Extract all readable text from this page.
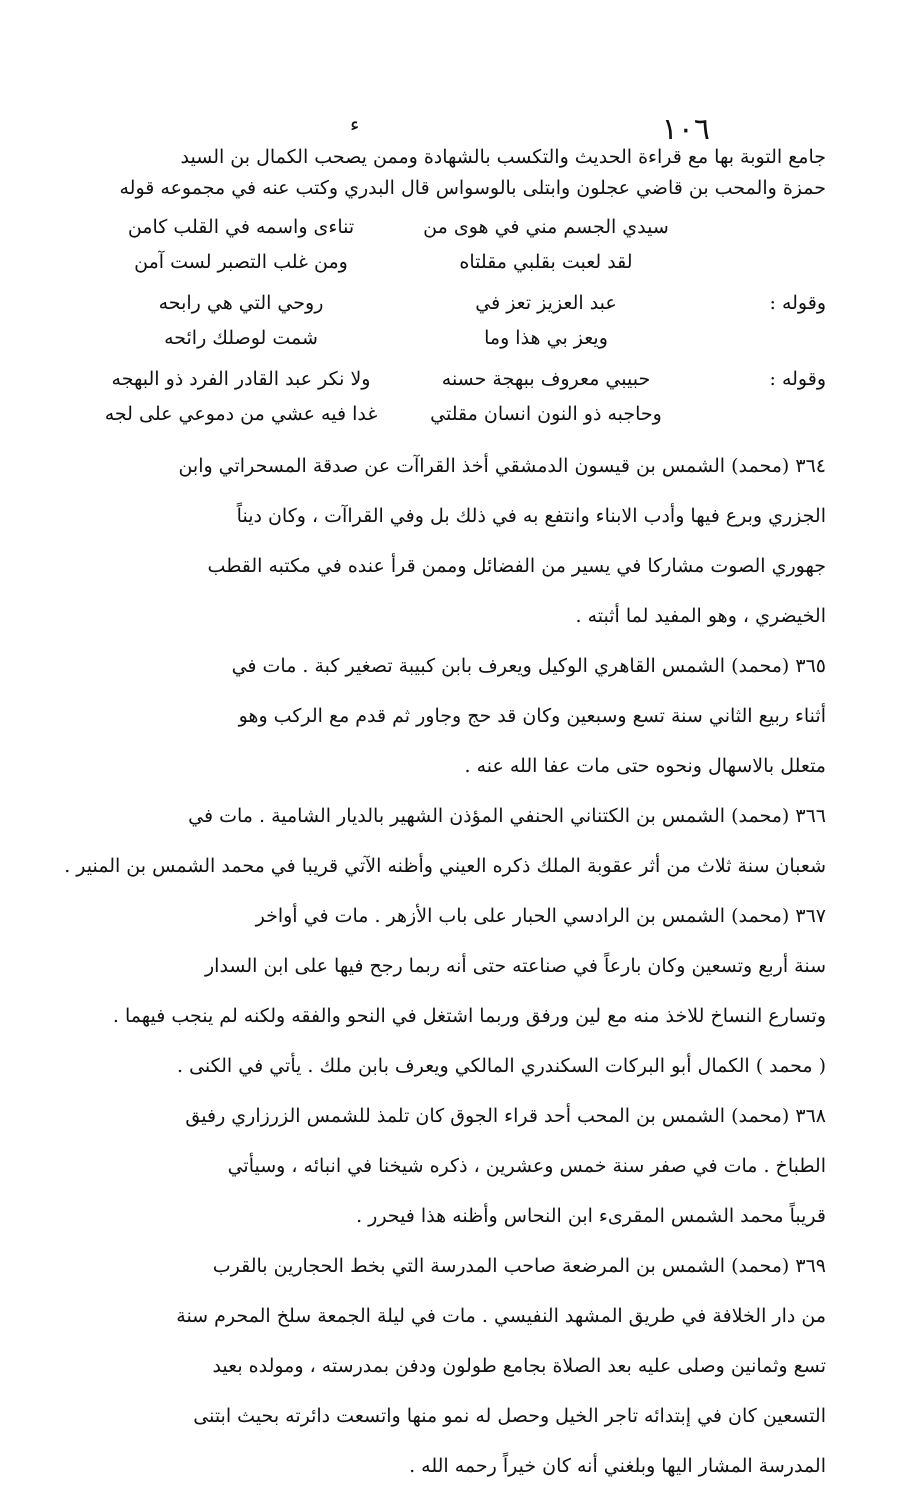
ء	١٠٦

جامع التوبة بها مع قراءة الحديث والتكسب بالشهادة وممن يصحب الكمال بن السيد

حمزة والمحب بن قاضي عجلون وابتلى بالوسواس قال البدري وكتب عنه في مجموعه قوله

سيدي الجسم مني في هوى من
تناءى واسمه في القلب كامن
لقد لعبت بقلبي مقلتاه
ومن غلب التصبر لست آمن
وقوله :
عبد العزيز تعز في
روحي التي هي رابحه
ويعز بي هذا وما
شمت لوصلك رائحه
وقوله :
حبيبي معروف ببهجة حسنه
ولا نكر عبد القادر الفرد ذو البهجه
وحاجبه ذو النون انسان مقلتي
غدا فيه عشي من دموعي على لجه

٣٦٤ (محمد) الشمس بن قيسون الدمشقي أخذ القراآت عن صدقة المسحراتي وابن

الجزري وبرع فيها وأدب الابناء وانتفع به في ذلك بل وفي القراآت ، وكان ديناً

جهوري الصوت مشاركا في يسير من الفضائل وممن قرأ عنده في مكتبه القطب

الخيضري ، وهو المفيد لما أثبته .

٣٦٥ (محمد) الشمس القاهري الوكيل ويعرف بابن كبيبة تصغير كبة . مات في

أثناء ربيع الثاني سنة تسع وسبعين وكان قد حج وجاور ثم قدم مع الركب وهو

متعلل بالاسهال ونحوه حتى مات عفا الله عنه .

٣٦٦ (محمد) الشمس بن الكتناني الحنفي المؤذن الشهير بالديار الشامية . مات في

شعبان سنة ثلاث من أثر عقوبة الملك ذكره العيني وأظنه الآتي قريبا في محمد الشمس بن المنير .

٣٦٧ (محمد) الشمس بن الرادسي الحبار على باب الأزهر . مات في أواخر

سنة أربع وتسعين وكان بارعاً في صناعته حتى أنه ربما رجح فيها على ابن السدار

وتسارع النساخ للاخذ منه مع لين ورفق وربما اشتغل في النحو والفقه ولكنه لم ينجب فيهما .

( محمد ) الكمال أبو البركات السكندري المالكي ويعرف بابن ملك . يأتي في الكنى .

٣٦٨ (محمد) الشمس بن المحب أحد قراء الجوق كان تلمذ للشمس الزرزاري رفيق

الطباخ . مات في صفر سنة خمس وعشرين ، ذكره شيخنا في انبائه ، وسيأتي

قريباً محمد الشمس المقرىء ابن النحاس وأظنه هذا فيحرر .

٣٦٩ (محمد) الشمس بن المرضعة صاحب المدرسة التي بخط الحجارين بالقرب

من دار الخلافة في طريق المشهد النفيسي . مات في ليلة الجمعة سلخ المحرم سنة

تسع وثمانين وصلى عليه بعد الصلاة بجامع طولون ودفن بمدرسته ، ومولده بعيد

التسعين كان في إبتدائه تاجر الخيل وحصل له نمو منها واتسعت دائرته بحيث ابتنى

المدرسة المشار اليها وبلغني أنه كان خيراً رحمه الله .
